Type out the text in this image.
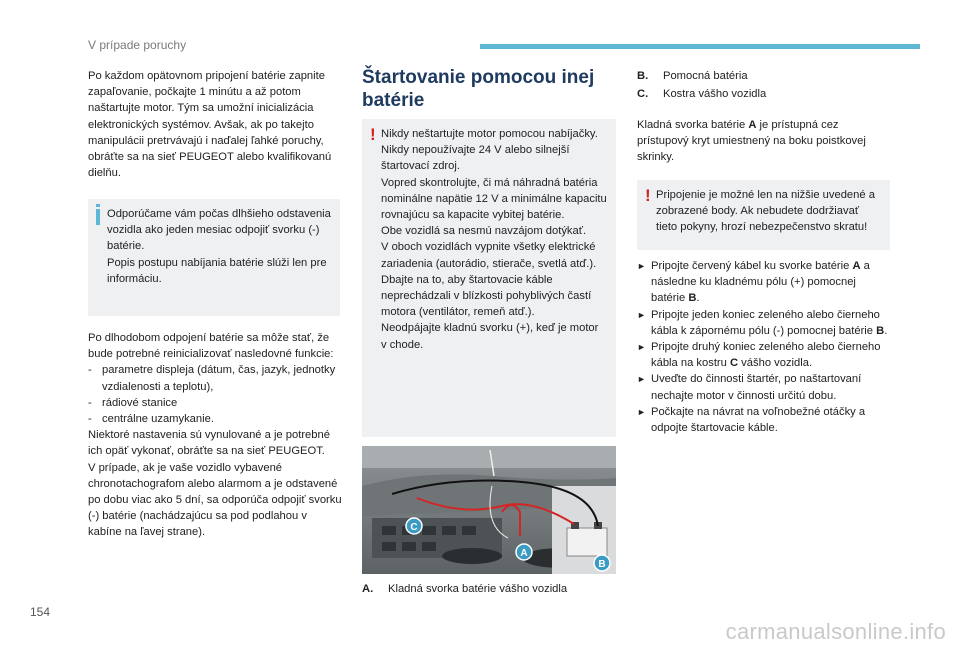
V prípade poruchy
Po každom opätovnom pripojení batérie zapnite zapaľovanie, počkajte 1 minútu a až potom naštartujte motor. Tým sa umožní inicializácia elektronických systémov. Avšak, ak po takejto manipulácii pretrvávajú i naďalej ľahké poruchy, obráťte sa na sieť PEUGEOT alebo kvalifikovanú dielňu.
Odporúčame vám počas dlhšieho odstavenia vozidla ako jeden mesiac odpojiť svorku (-) batérie.
Popis postupu nabíjania batérie slúži len pre informáciu.
Po dlhodobom odpojení batérie sa môže stať, že bude potrebné reinicializovať nasledovné funkcie:
- parametre displeja (dátum, čas, jazyk, jednotky vzdialenosti a teplotu),
- rádiové stanice
- centrálne uzamykanie.
Niektoré nastavenia sú vynulované a je potrebné ich opäť vykonať, obráťte sa na sieť PEUGEOT.
V prípade, ak je vaše vozidlo vybavené chronotachografom alebo alarmom a je odstavené po dobu viac ako 5 dní, sa odporúča odpojiť svorku (-) batérie (nachádzajúcu sa pod podlahou v kabíne na ľavej strane).
Štartovanie pomocou inej batérie
! Nikdy neštartujte motor pomocou nabíjačky.
Nikdy nepoužívajte 24 V alebo silnejší štartovací zdroj.
Vopred skontrolujte, či má náhradná batéria nominálne napätie 12 V a minimálne kapacitu rovnajúcu sa kapacite vybitej batérie.
Obe vozidlá sa nesmú navzájom dotýkať.
V oboch vozidlách vypnite všetky elektrické zariadenia (autorádio, stierače, svetlá atď.).
Dbajte na to, aby štartovacie káble neprechádzali v blízkosti pohyblivých častí motora (ventilátor, remeň atď.).
Neodpájajte kladnú svorku (+), keď je motor v chode.
C
A
B
A. Kladná svorka batérie vášho vozidla
B. Pomocná batéria
C. Kostra vášho vozidla
Kladná svorka batérie A je prístupná cez prístupový kryt umiestnený na boku poistkovej skrinky.
! Pripojenie je možné len na nižšie uvedené a zobrazené body. Ak nebudete dodržiavať tieto pokyny, hrozí nebezpečenstvo skratu!
► Pripojte červený kábel ku svorke batérie A a následne ku kladnému pólu (+) pomocnej batérie B.
► Pripojte jeden koniec zeleného alebo čierneho kábla k zápornému pólu (-) pomocnej batérie B.
► Pripojte druhý koniec zeleného alebo čierneho kábla na kostru C vášho vozidla.
► Uveďte do činnosti štartér, po naštartovaní nechajte motor v činnosti určitú dobu.
► Počkajte na návrat na voľnobežné otáčky a odpojte štartovacie káble.
154
carmanualsonline.info
